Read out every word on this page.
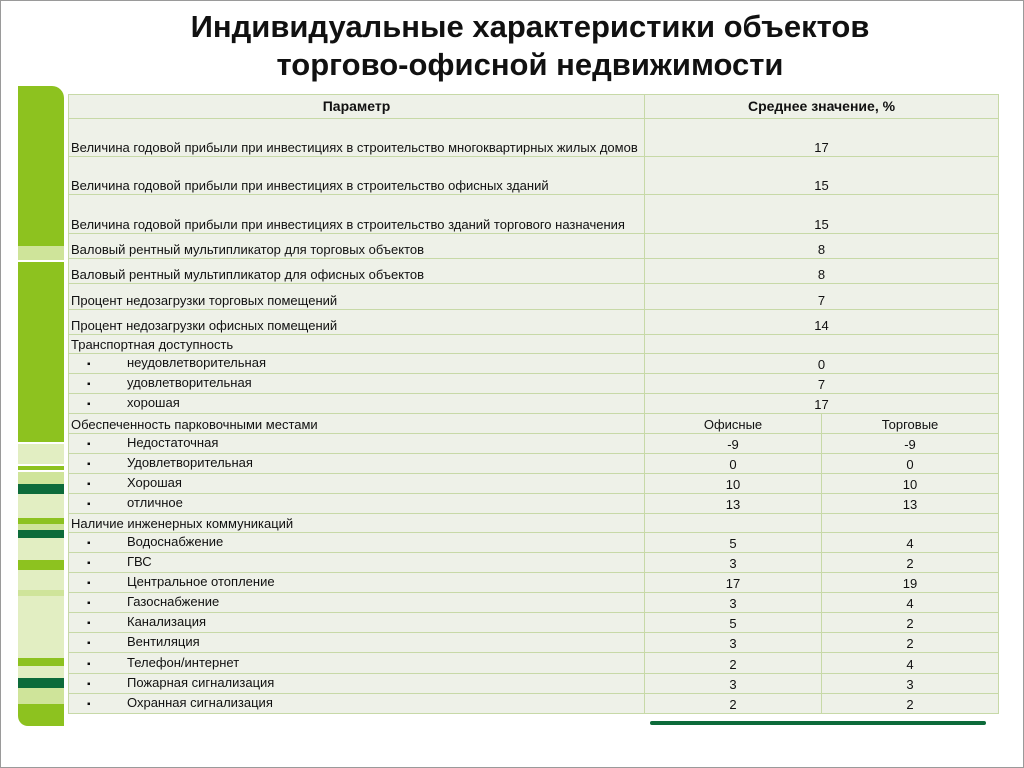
Индивидуальные характеристики объектов
торгово-офисной недвижимости
Параметр	Среднее значение, %	
Величина годовой прибыли при инвестициях в строительство многоквартирных жилых домов	17	
Величина годовой прибыли при инвестициях в строительство офисных зданий	15	
Величина годовой прибыли при инвестициях в строительство зданий торгового назначения	15	
Валовый рентный мультипликатор для торговых объектов	8	
Валовый рентный мультипликатор для офисных объектов	8	
Процент недозагрузки торговых помещений	7	
Процент недозагрузки офисных помещений	14	
Транспортная доступность		
▪ неудовлетворительная	0	
▪ удовлетворительная	7	
▪ хорошая	17	
Обеспеченность парковочными местами	Офисные	Торговые
▪ Недостаточная	-9	-9
▪ Удовлетворительная	0	0
▪ Хорошая	10	10
▪ отличное	13	13
Наличие инженерных коммуникаций		
▪ Водоснабжение	5	4
▪ ГВС	3	2
▪ Центральное отопление	17	19
▪ Газоснабжение	3	4
▪ Канализация	5	2
▪ Вентиляция	3	2
▪ Телефон/интернет	2	4
▪ Пожарная сигнализация	3	3
▪ Охранная сигнализация	2	2
